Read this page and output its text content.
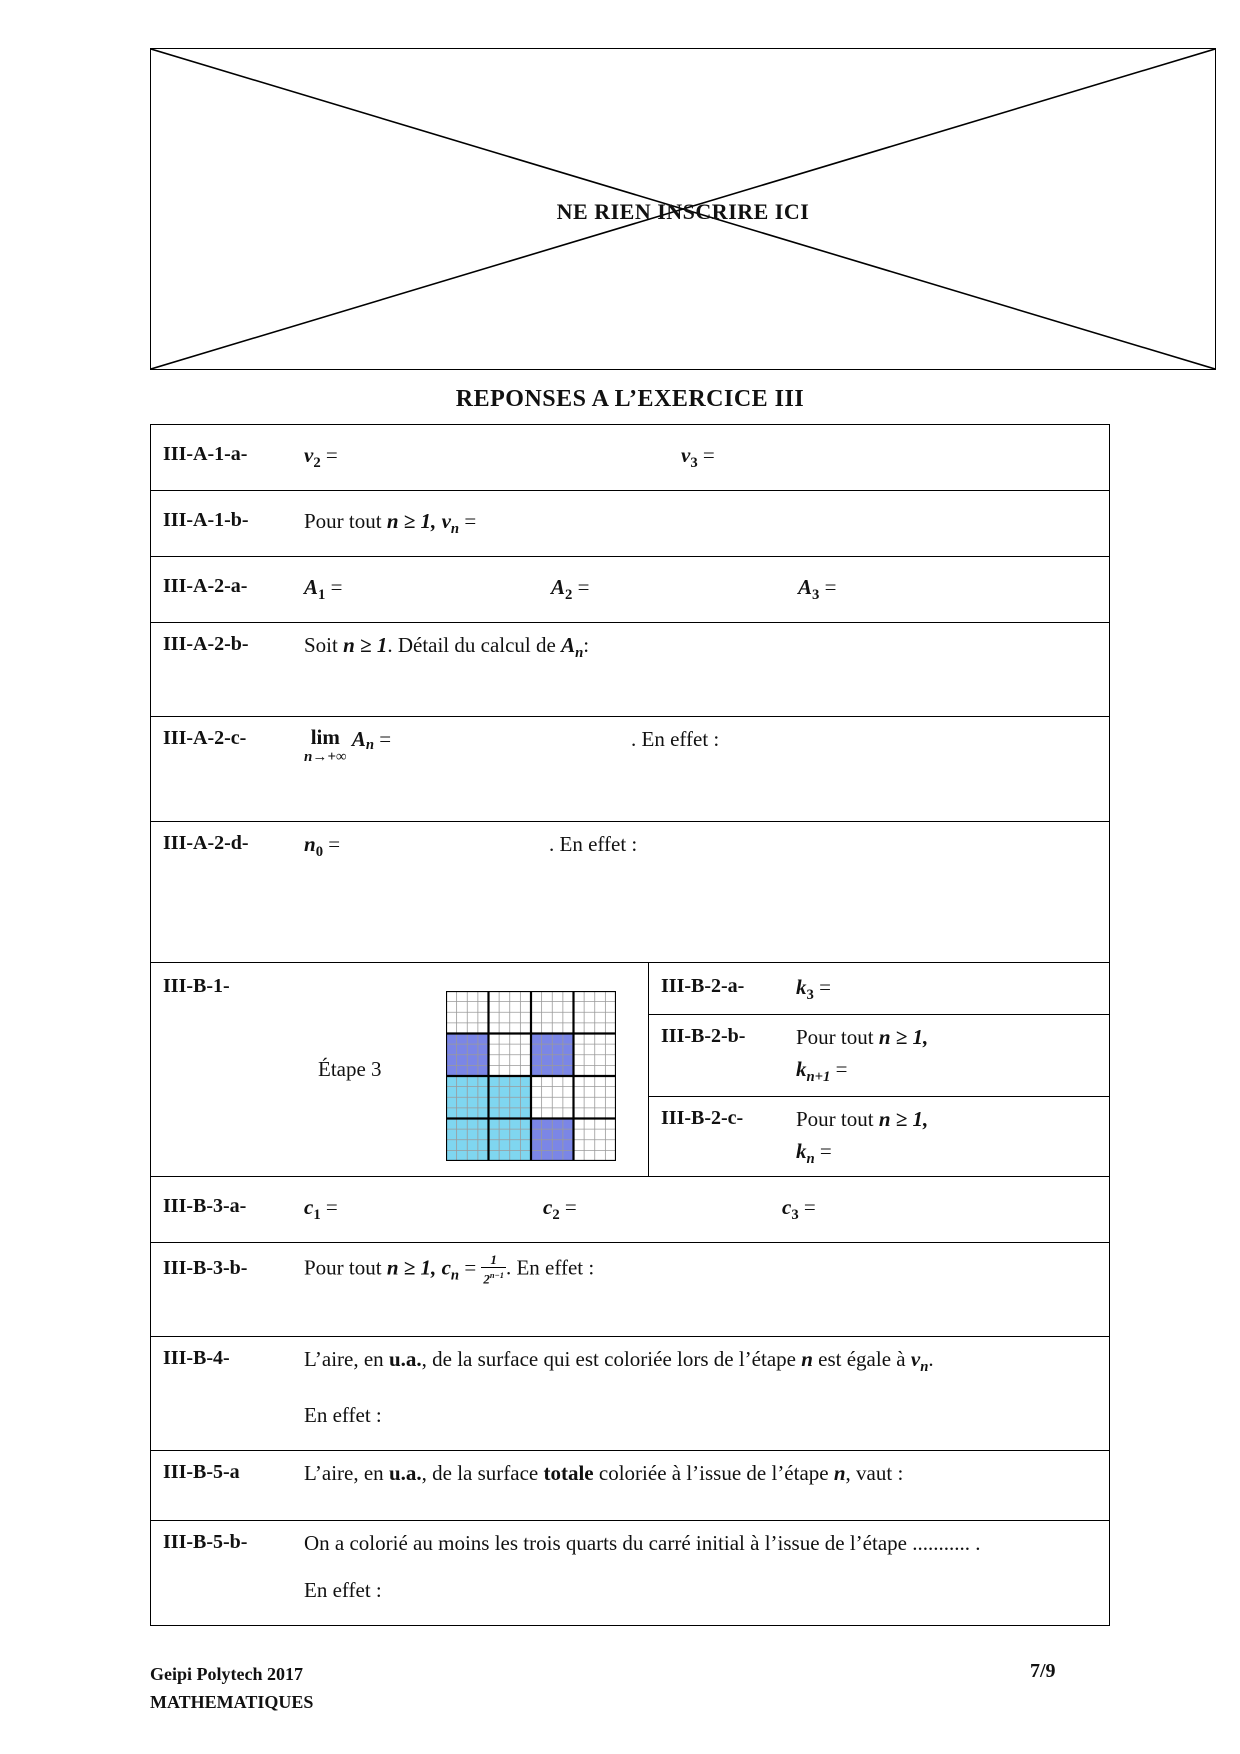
NE RIEN INSCRIRE ICI
REPONSES A L’EXERCICE III
III-A-1-a-	$v_2$ =	$v_3$ =
III-A-1-b-	Pour tout n ≥ 1, $v_n$ =
III-A-2-a-	$A_1$ =	$A_2$ =	$A_3$ =
III-A-2-b-	Soit n ≥ 1. Détail du calcul de $A_n$:
III-A-2-c-	lim
n→+∞
$A_n$ =	. En effet :
III-A-2-d-	$n_0$ =	. En effet :
III-B-1-
Étape 3
III-B-2-a- $k_3$ =
III-B-2-b- Pour tout n ≥ 1,
$k_{n+1}$ =
III-B-2-c-	Pour tout n ≥ 1,
$k_n$ =
III-B-3-a-	$c_1$ =	$c_2$ =	$c_3$ =
III-B-3-b-	Pour tout n ≥ 1, $c_n = \frac{1}{2^{n-1}}$ . En effet :
III-B-4-	L’aire, en u.a., de la surface qui est coloriée lors de l’étape n est égale à $v_n$.
En effet :
III-B-5-a	L’aire, en u.a., de la surface totale coloriée à l’issue de l’étape n, vaut :
III-B-5-b-	On a colorié au moins les trois quarts du carré initial à l’issue de l’étape ........... .
En effet :
Geipi Polytech 2017
MATHEMATIQUES
7/9
